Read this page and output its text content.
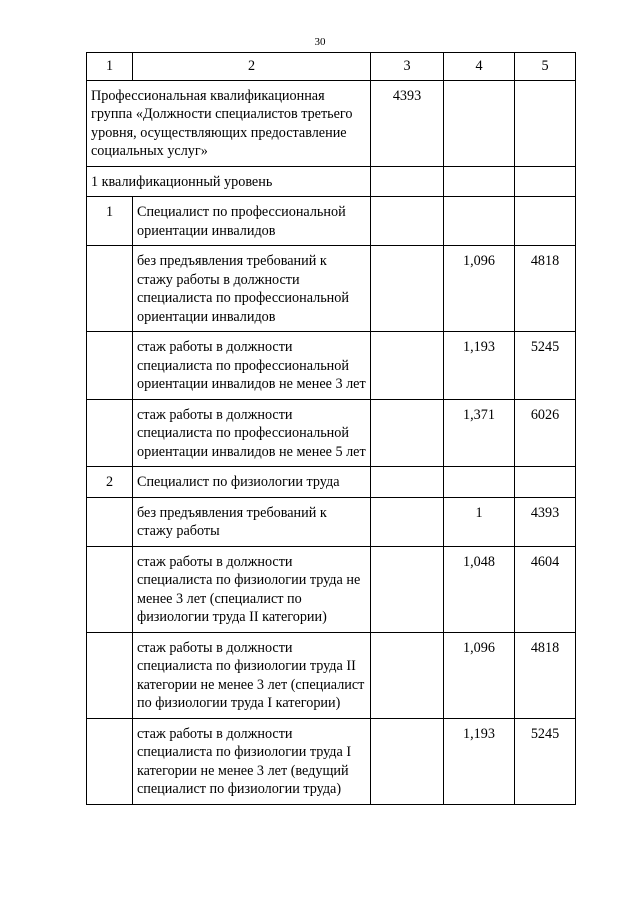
30
1	2	3	4	5
Профессиональная квалификационная группа «Должности специалистов третьего уровня, осуществляющих предоставление социальных услуг»		4393		
1 квалификационный уровень				
1	Специалист по профессиональной ориентации инвалидов			
	без предъявления требований к стажу работы в должности специалиста по профессиональной ориентации инвалидов		1,096	4818
	стаж работы в должности специалиста по профессиональной ориентации инвалидов не менее 3 лет		1,193	5245
	стаж работы в должности специалиста по профессиональной ориентации инвалидов не менее 5 лет		1,371	6026
2	Специалист по физиологии труда			
	без предъявления требований к стажу работы		1	4393
	стаж работы в должности специалиста по физиологии труда не менее 3 лет (специалист по физиологии труда II категории)		1,048	4604
	стаж работы в должности специалиста по физиологии труда II категории не менее 3 лет (специалист по физиологии труда I категории)		1,096	4818
	стаж работы в должности специалиста по физиологии труда I категории не менее 3 лет (ведущий специалист по физиологии труда)		1,193	5245
